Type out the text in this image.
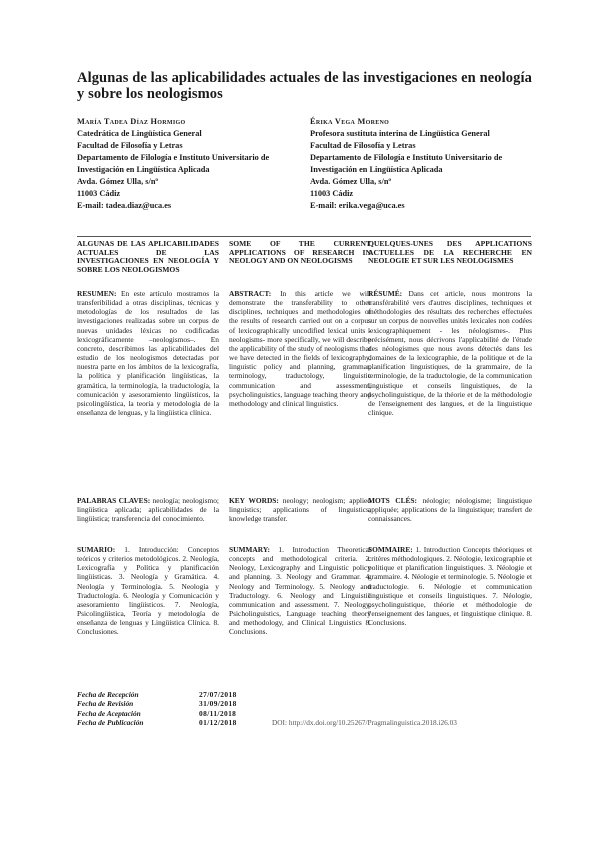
Algunas de las aplicabilidades actuales de las investigaciones en neología y sobre los neologismos
María Tadea Díaz Hormigo
Catedrática de Lingüística General
Facultad de Filosofía y Letras
Departamento de Filología e Instituto Universitario de Investigación en Lingüística Aplicada
Avda. Gómez Ulla, s/nº
11003 Cádiz
E-mail: tadea.diaz@uca.es
Érika Vega Moreno
Profesora sustituta interina de Lingüística General
Facultad de Filosofía y Letras
Departamento de Filología e Instituto Universitario de Investigación en Lingüística Aplicada
Avda. Gómez Ulla, s/nº
11003 Cádiz
E-mail: erika.vega@uca.es
ALGUNAS DE LAS APLICABILIDADES ACTUALES DE LAS INVESTIGACIONES EN NEOLOGÍA Y SOBRE LOS NEOLOGISMOS
RESUMEN: En este artículo mostramos la transferibilidad a otras disciplinas, técnicas y metodologías de los resultados de las investigaciones realizadas sobre un corpus de nuevas unidades léxicas no codificadas lexicográficamente –neologismos–. En concreto, describimos las aplicabilidades del estudio de los neologismos detectadas por nuestra parte en los ámbitos de la lexicografía, la política y planificación lingüísticas, la gramática, la terminología, la traductología, la comunicación y asesoramiento lingüísticos, la psicolingüística, la teoría y metodología de la enseñanza de lenguas, y la lingüística clínica.
PALABRAS CLAVES: neología; neologismo; lingüística aplicada; aplicabilidades de la lingüística; transferencia del conocimiento.
SUMARIO: 1. Introducción: Conceptos teóricos y criterios metodológicos. 2. Neología, Lexicografía y Política y planificación lingüísticas. 3. Neología y Gramática. 4. Neología y Terminología. 5. Neología y Traductología. 6. Neología y Comunicación y asesoramiento lingüísticos. 7. Neología, Psicolingüística, Teoría y metodología de enseñanza de lenguas y Lingüística Clínica. 8. Conclusiones.
SOME OF THE CURRENT APPLICATIONS OF RESEARCH IN NEOLOGY AND ON NEOLOGISMS
ABSTRACT: In this article we will demonstrate the transferability to other disciplines, techniques and methodologies of the results of research carried out on a corpus of lexicographically uncodified lexical units -neologisms- more specifically, we will describe the applicability of the study of neologisms that we have detected in the fields of lexicography, linguistic policy and planning, grammar, terminology, traductology, linguistic communication and assessment, psycholinguistics, language teaching theory and methodology and clinical linguistics.
KEY WORDS: neology; neologism; applied linguistics; applications of linguistics; knowledge transfer.
SUMMARY: 1. Introduction Theoretical concepts and methodological criteria. 2. Neology, Lexicography and Linguistic policy and planning. 3. Neology and Grammar. 4. Neology and Terminology. 5. Neology and Traductology. 6. Neology and Linguistic communication and assessment. 7. Neology, Psicholinguistics, Language teaching theory and methodology, and Clinical Linguistics 8. Conclusions.
QUELQUES-UNES DES APPLICATIONS ACTUELLES DE LA RECHERCHE EN NEOLOGIE ET SUR LES NEOLOGISMES
RÉSUMÉ: Dans cet article, nous montrons la transférabilité vers d'autres disciplines, techniques et méthodologies des résultats des recherches effectuées sur un corpus de nouvelles unités lexicales non codées lexicographiquement - les néologismes-. Plus précisément, nous décrivons l'applicabilité de l'étude des néologismes que nous avons détectés dans les domaines de la lexicographie, de la politique et de la planification linguistiques, de la grammaire, de la terminologie, de la traductologie, de la communication linguistique et conseils linguistiques, de la psycholinguistique, de la théorie et de la méthodologie de l'enseignement des langues, et de la linguistique clinique.
MOTS CLÉS: néologie; néologisme; linguistique appliquée; applications de la linguistique; transfert de connaissances.
SOMMAIRE: 1. Introduction Concepts théoriques et critères méthodologiques. 2. Néologie, lexicographie et politique et planification linguistiques. 3. Néologie et grammaire. 4. Néologie et terminologie. 5. Néologie et traductologie. 6. Néologie et communication linguistique et conseils linguistiques. 7. Néologie, psycholinguistique, théorie et méthodologie de l'enseignement des langues, et linguistique clinique. 8. Conclusions.
Fecha de Recepción	27/07/2018
Fecha de Revisión	31/09/2018
Fecha de Aceptación	08/11/2018
Fecha de Publicación	01/12/2018	DOI: http://dx.doi.org/10.25267/Pragmalinguistica.2018.i26.03
